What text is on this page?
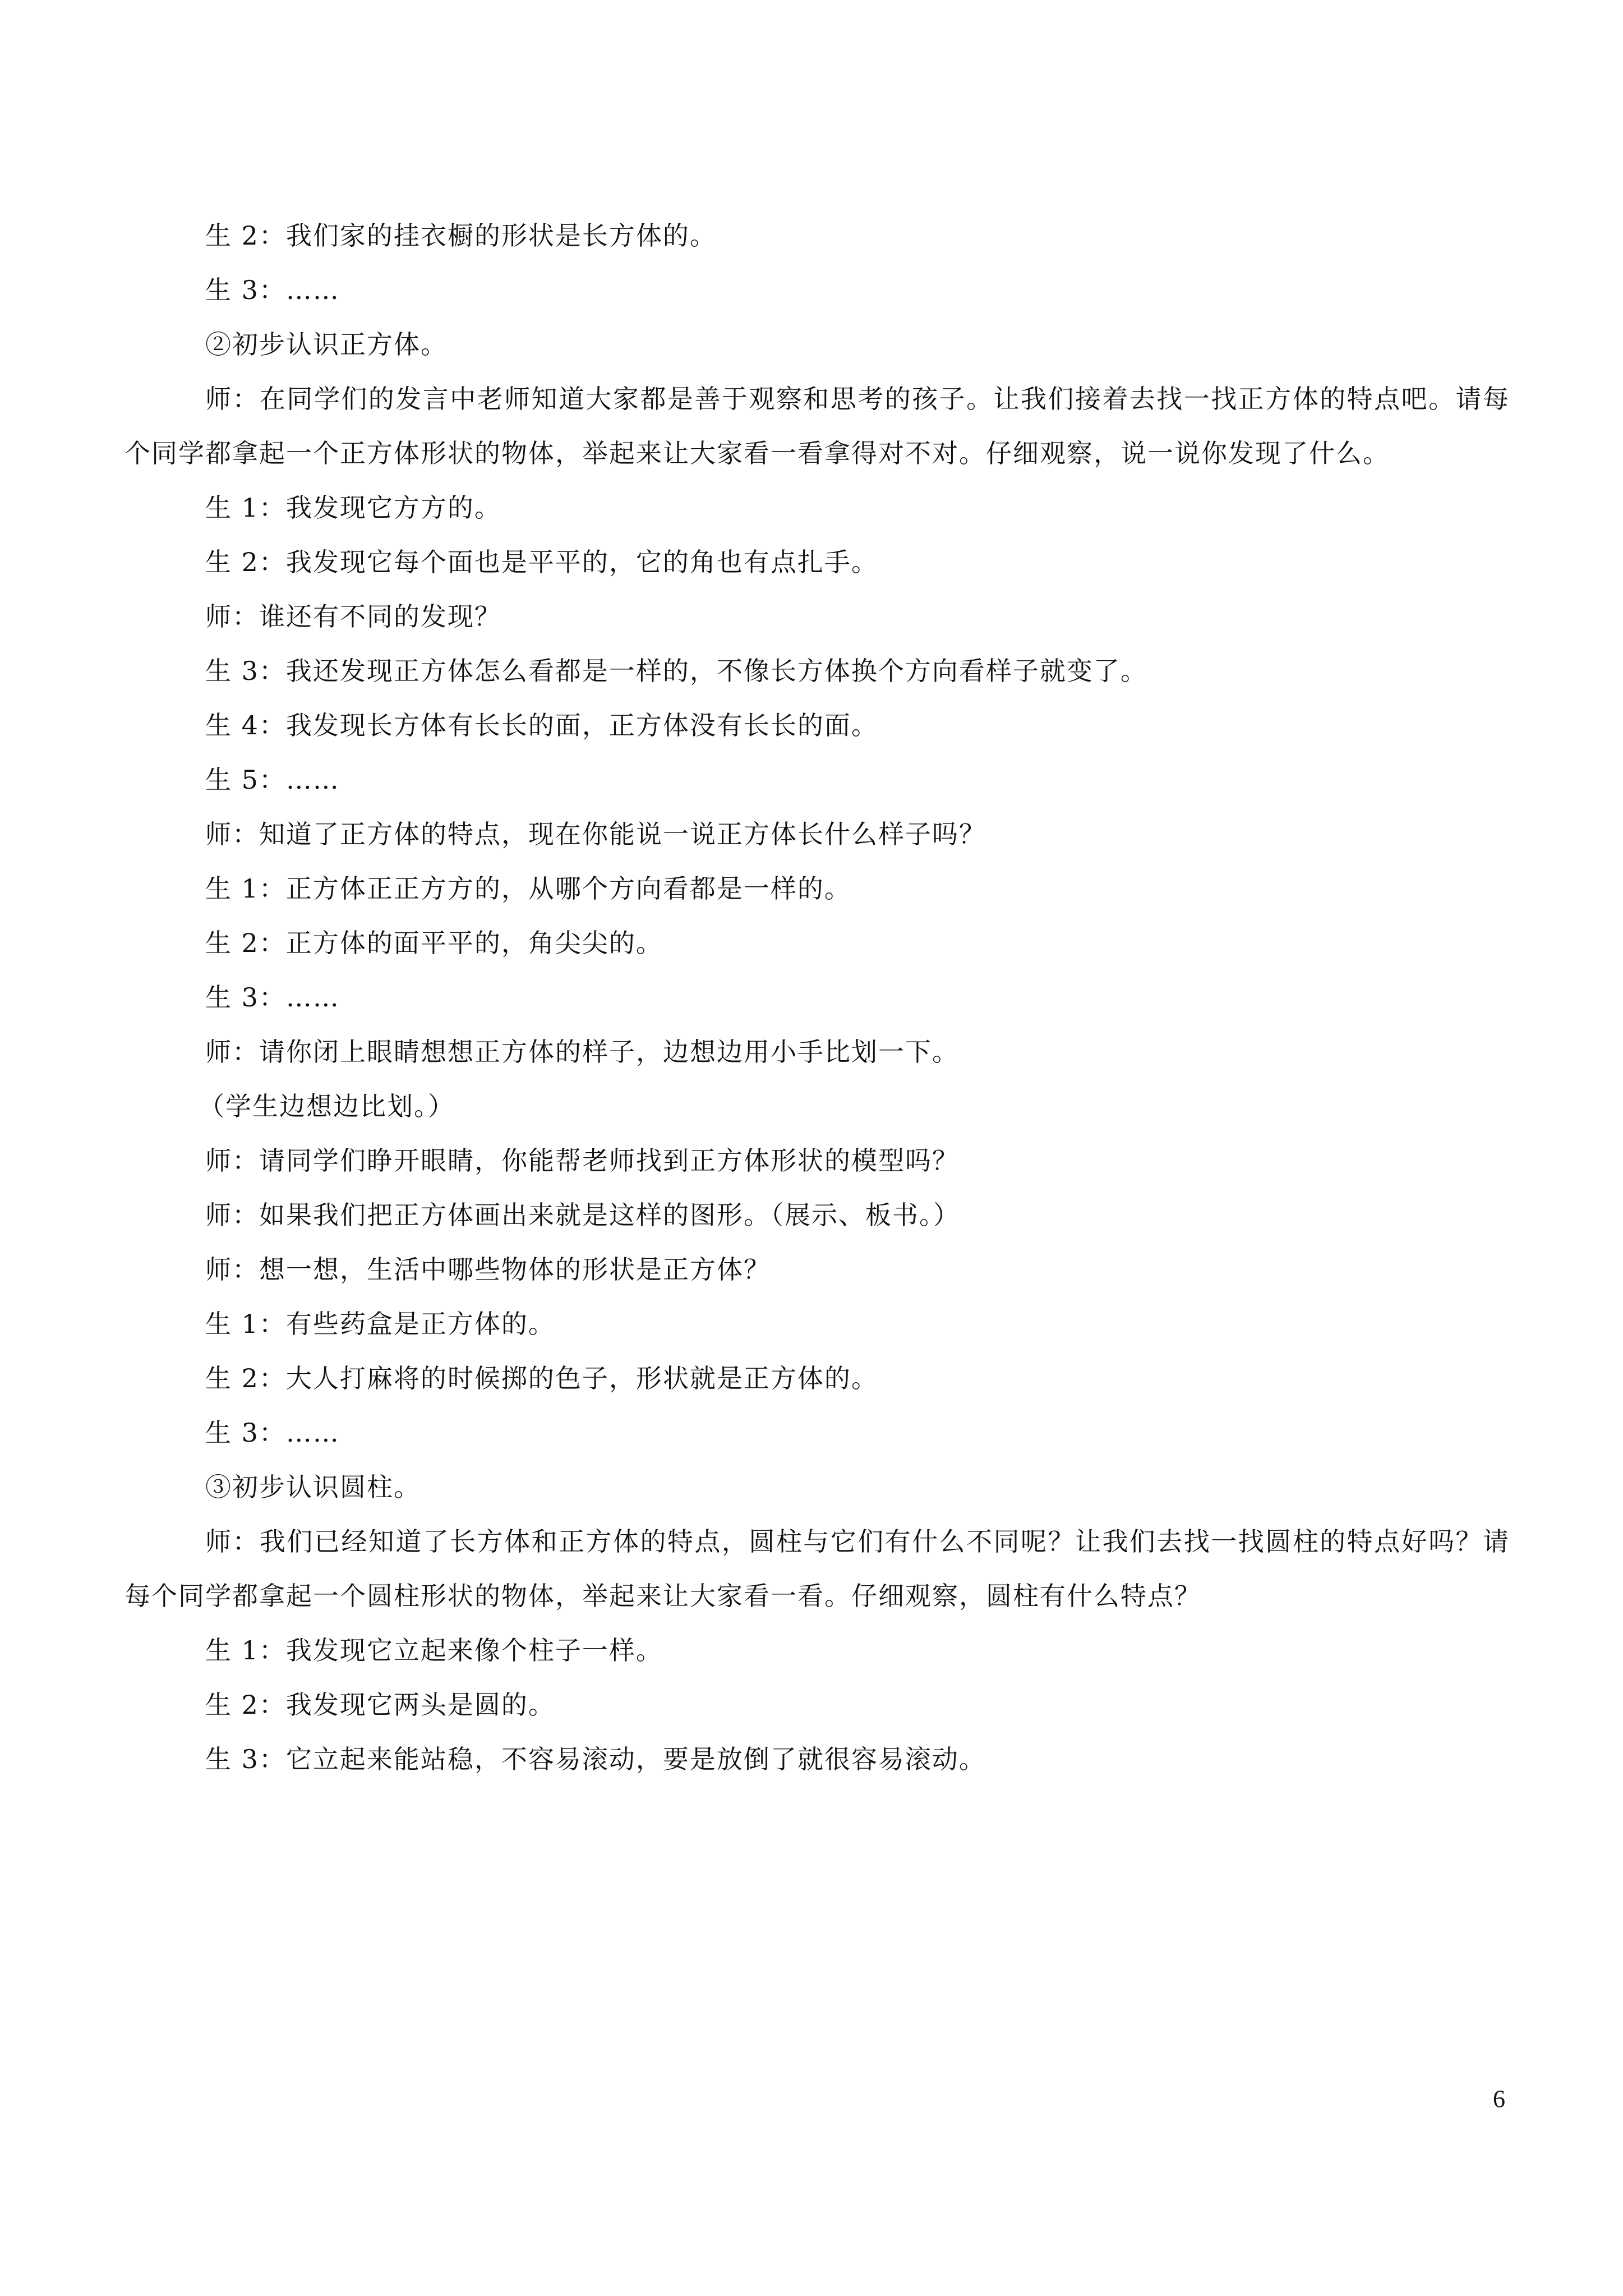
生 2：我们家的挂衣橱的形状是长方体的。

生 3：……

②初步认识正方体。

师：在同学们的发言中老师知道大家都是善于观察和思考的孩子。让我们接着去找一找正方体的特点吧。请每个同学都拿起一个正方体形状的物体，举起来让大家看一看拿得对不对。仔细观察，说一说你发现了什么。

生 1：我发现它方方的。

生 2：我发现它每个面也是平平的，它的角也有点扎手。

师：谁还有不同的发现？

生 3：我还发现正方体怎么看都是一样的，不像长方体换个方向看样子就变了。

生 4：我发现长方体有长长的面，正方体没有长长的面。

生 5：……

师：知道了正方体的特点，现在你能说一说正方体长什么样子吗？

生 1：正方体正正方方的，从哪个方向看都是一样的。

生 2：正方体的面平平的，角尖尖的。

生 3：……

师：请你闭上眼睛想想正方体的样子，边想边用小手比划一下。

（学生边想边比划。）

师：请同学们睁开眼睛，你能帮老师找到正方体形状的模型吗？

师：如果我们把正方体画出来就是这样的图形。（展示、板书。）

师：想一想，生活中哪些物体的形状是正方体？

生 1：有些药盒是正方体的。

生 2：大人打麻将的时候掷的色子，形状就是正方体的。

生 3：……

③初步认识圆柱。

师：我们已经知道了长方体和正方体的特点，圆柱与它们有什么不同呢？让我们去找一找圆柱的特点好吗？请每个同学都拿起一个圆柱形状的物体，举起来让大家看一看。仔细观察，圆柱有什么特点？

生 1：我发现它立起来像个柱子一样。

生 2：我发现它两头是圆的。

生 3：它立起来能站稳，不容易滚动，要是放倒了就很容易滚动。

6
